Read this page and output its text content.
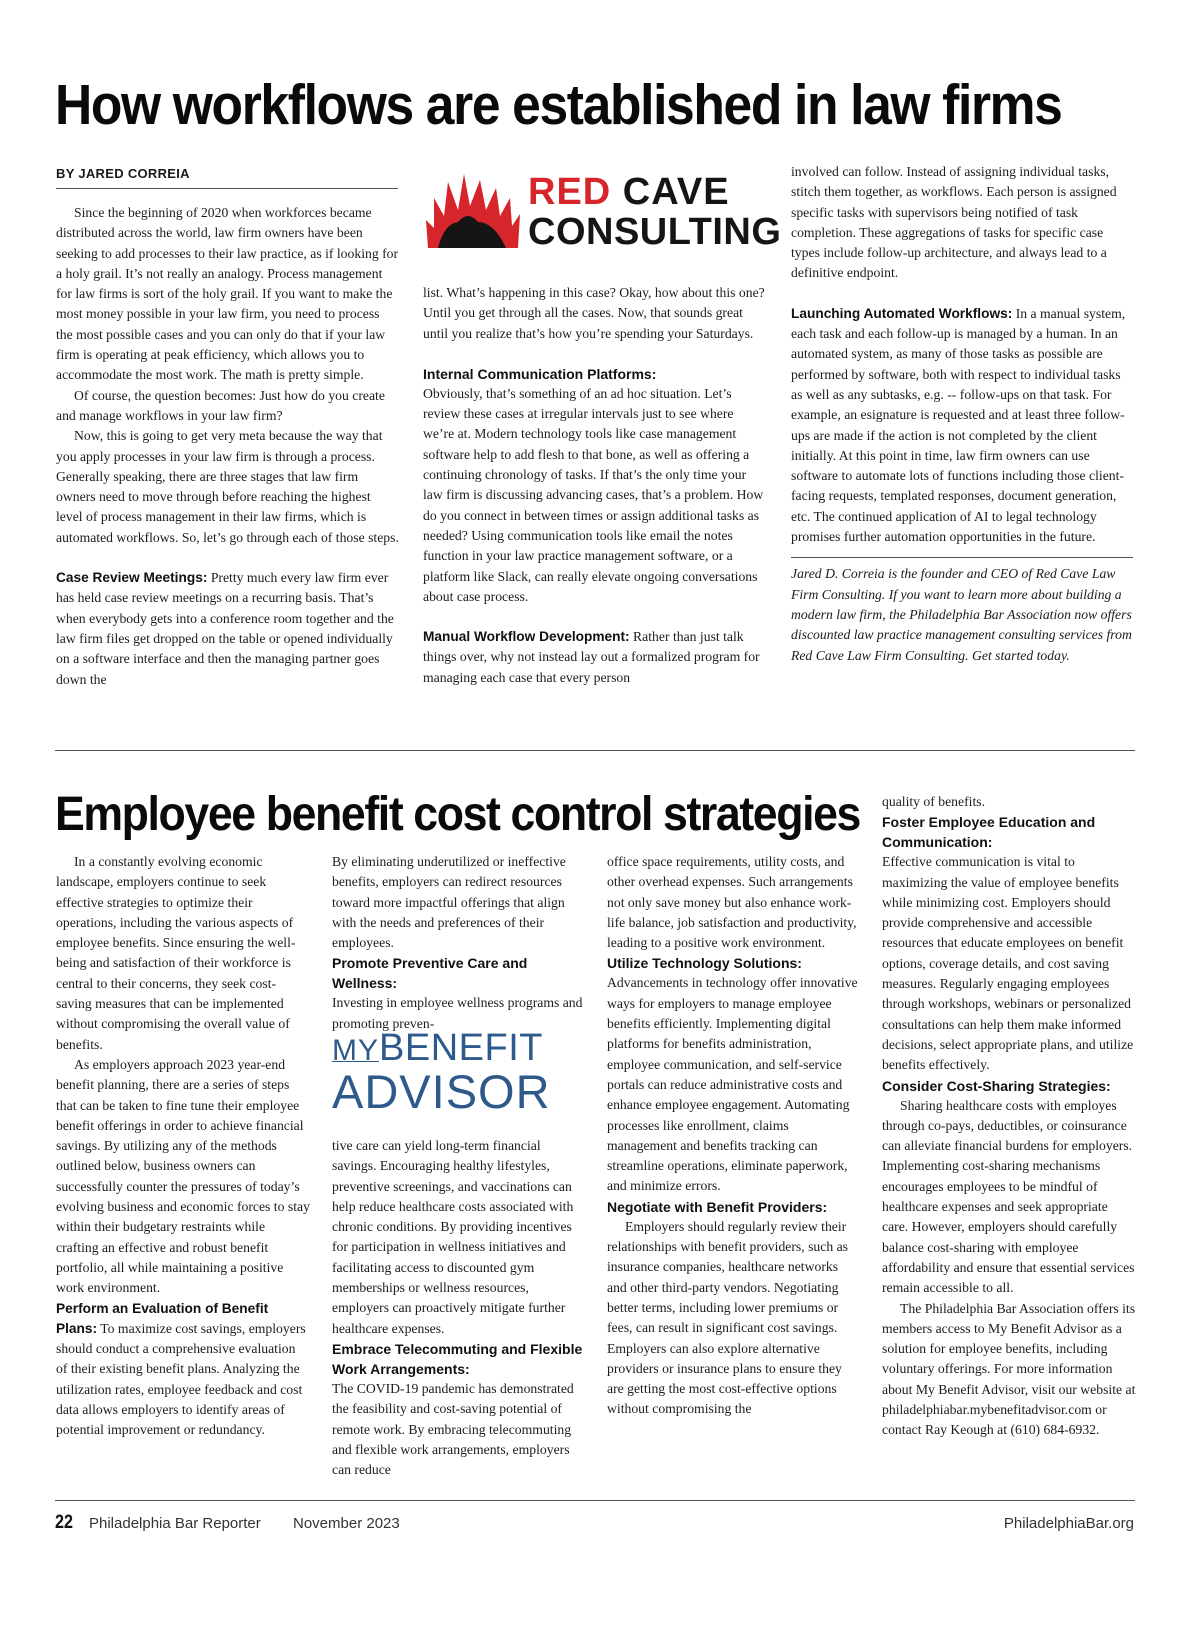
How workflows are established in law firms
BY JARED CORREIA

Since the beginning of 2020 when workforces became distributed across the world, law firm owners have been seeking to add processes to their law practice, as if looking for a holy grail. It’s not really an analogy. Process management for law firms is sort of the holy grail. If you want to make the most money possible in your law firm, you need to process the most possible cases and you can only do that if your law firm is operating at peak efficiency, which allows you to accommodate the most work. The math is pretty simple.

Of course, the question becomes: Just how do you create and manage workflows in your law firm?

Now, this is going to get very meta because the way that you apply processes in your law firm is through a process. Generally speaking, there are three stages that law firm owners need to move through before reaching the highest level of process management in their law firms, which is automated workflows. So, let’s go through each of those steps.

Case Review Meetings: Pretty much every law firm ever has held case review meetings on a recurring basis. That’s when everybody gets into a conference room together and the law firm files get dropped on the table or opened individually on a software interface and then the managing partner goes down the

RED CAVE
CONSULTING

list. What’s happening in this case? Okay, how about this one? Until you get through all the cases. Now, that sounds great until you realize that’s how you’re spending your Saturdays.

Internal Communication Platforms:
Obviously, that’s something of an ad hoc situation. Let’s review these cases at irregular intervals just to see where we’re at. Modern technology tools like case management software help to add flesh to that bone, as well as offering a continuing chronology of tasks. If that’s the only time your law firm is discussing advancing cases, that’s a problem. How do you connect in between times or assign additional tasks as needed? Using communication tools like email the notes function in your law practice management software, or a platform like Slack, can really elevate ongoing conversations about case process.

Manual Workflow Development: Rather than just talk things over, why not instead lay out a formalized program for managing each case that every person

involved can follow. Instead of assigning individual tasks, stitch them together, as workflows. Each person is assigned specific tasks with supervisors being notified of task completion. These aggregations of tasks for specific case types include follow-up architecture, and always lead to a definitive endpoint.

Launching Automated Workflows: In a manual system, each task and each follow-up is managed by a human. In an automated system, as many of those tasks as possible are performed by software, both with respect to individual tasks as well as any subtasks, e.g. -- follow-ups on that task. For example, an esignature is requested and at least three follow-ups are made if the action is not completed by the client initially. At this point in time, law firm owners can use software to automate lots of functions including those client-facing requests, templated responses, document generation, etc. The continued application of AI to legal technology promises further automation opportunities in the future.

Jared D. Correia is the founder and CEO of Red Cave Law Firm Consulting. If you want to learn more about building a modern law firm, the Philadelphia Bar Association now offers discounted law practice management consulting services from Red Cave Law Firm Consulting. Get started today.

Employee benefit cost control strategies

In a constantly evolving economic landscape, employers continue to seek effective strategies to optimize their operations, including the various aspects of employee benefits. Since ensuring the well-being and satisfaction of their workforce is central to their concerns, they seek cost-saving measures that can be implemented without compromising the overall value of benefits.

As employers approach 2023 year-end benefit planning, there are a series of steps that can be taken to fine tune their employee benefit offerings in order to achieve financial savings. By utilizing any of the methods outlined below, business owners can successfully counter the pressures of today’s evolving business and economic forces to stay within their budgetary restraints while crafting an effective and robust benefit portfolio, all while maintaining a positive work environment.

Perform an Evaluation of Benefit Plans: To maximize cost savings, employers should conduct a comprehensive evaluation of their existing benefit plans. Analyzing the utilization rates, employee feedback and cost data allows employers to identify areas of potential improvement or redundancy.

By eliminating underutilized or ineffective benefits, employers can redirect resources toward more impactful offerings that align with the needs and preferences of their employees.

Promote Preventive Care and Wellness:
Investing in employee wellness programs and promoting preven-

MYBENEFIT
ADVISOR

tive care can yield long-term financial savings. Encouraging healthy lifestyles, preventive screenings, and vaccinations can help reduce healthcare costs associated with chronic conditions. By providing incentives for participation in wellness initiatives and facilitating access to discounted gym memberships or wellness resources, employers can proactively mitigate further healthcare expenses.

Embrace Telecommuting and Flexible Work Arrangements:
The COVID-19 pandemic has demonstrated the feasibility and cost-saving potential of remote work. By embracing telecommuting and flexible work arrangements, employers can reduce

office space requirements, utility costs, and other overhead expenses. Such arrangements not only save money but also enhance work-life balance, job satisfaction and productivity, leading to a positive work environment.

Utilize Technology Solutions:
Advancements in technology offer innovative ways for employers to manage employee benefits efficiently. Implementing digital platforms for benefits administration, employee communication, and self-service portals can reduce administrative costs and enhance employee engagement. Automating processes like enrollment, claims management and benefits tracking can streamline operations, eliminate paperwork, and minimize errors.

Negotiate with Benefit Providers:
Employers should regularly review their relationships with benefit providers, such as insurance companies, healthcare networks and other third-party vendors. Negotiating better terms, including lower premiums or fees, can result in significant cost savings. Employers can also explore alternative providers or insurance plans to ensure they are getting the most cost-effective options without compromising the

quality of benefits.

Foster Employee Education and Communication:
Effective communication is vital to maximizing the value of employee benefits while minimizing cost. Employers should provide comprehensive and accessible resources that educate employees on benefit options, coverage details, and cost saving measures. Regularly engaging employees through workshops, webinars or personalized consultations can help them make informed decisions, select appropriate plans, and utilize benefits effectively.

Consider Cost-Sharing Strategies:
Sharing healthcare costs with employes through co-pays, deductibles, or coinsurance can alleviate financial burdens for employers. Implementing cost-sharing mechanisms encourages employees to be mindful of healthcare expenses and seek appropriate care. However, employers should carefully balance cost-sharing with employee affordability and ensure that essential services remain accessible to all.

The Philadelphia Bar Association offers its members access to My Benefit Advisor as a solution for employee benefits, including voluntary offerings. For more information about My Benefit Advisor, visit our website at philadelphiabar.mybenefitadvisor.com or contact Ray Keough at (610) 684-6932.

22 Philadelphia Bar Reporter November 2023	PhiladelphiaBar.org
